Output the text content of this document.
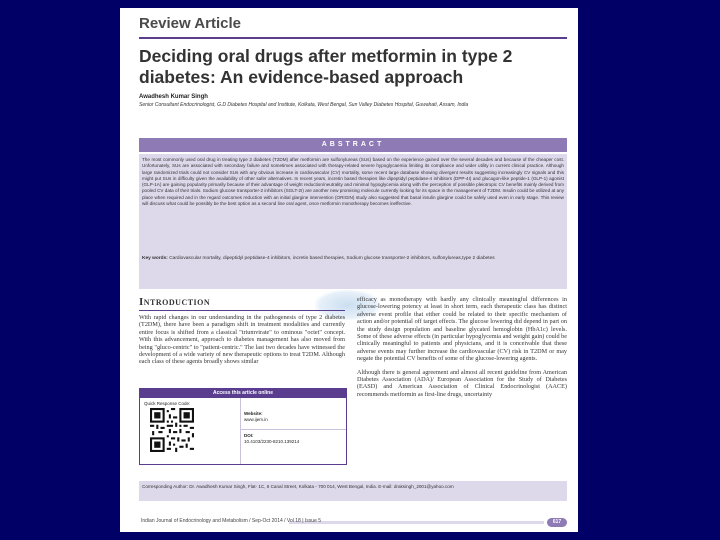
Review Article
Deciding oral drugs after metformin in type 2 diabetes: An evidence-based approach
Awadhesh Kumar Singh
Senior Consultant Endocrinologist, G.D Diabetes Hospital and Institute, Kolkata, West Bengal, Sun Valley Diabetes Hospital, Guwahati, Assam, India
ABSTRACT
The most commonly used oral drug in treating type 2 diabetes (T2DM) after metformin are sulfonylureas (SUs) based on the experience gained over the several decades and because of the cheaper cost. Unfortunately, SUs are associated with secondary failure and sometimes associated with therapy-related severe hypoglycaemia limiting its compliance and wider utility in current clinical practice. Although large randomized trials could not consider SUs with any obvious increase in cardiovascular (CV) mortality, some recent large database showing divergent results suggesting increasingly CV signals and this might put SUs in difficulty given the availability of other safer alternatives. In recent years, incretin based therapies like dipeptidyl peptidase-4 inhibitors (DPP-4I) and glucagon-like peptide-1 (GLP-1) agonist (GLP-1A) are gaining popularity primarily because of their advantage of weight reduction/neutrality and minimal hypoglycemia along with the perception of possible pleiotropic CV benefits mainly derived from pooled CV data of their trials. Sodium glucose transporter-2 inhibitors (SGLT-2I) are another new promising molecule currently looking for its space in the management of T2DM. Insulin could be utilized at any place when required and in the regard outcomes reduction with an initial glargine intervention (ORIGIN) study also suggested that basal insulin glargine could be safely used even in early stage. This review will discuss what could be possibly be the best option as a second line oral agent, once metformin monotherapy becomes ineffective.
Key words: Cardiovascular mortality, dipeptidyl peptidase-4 inhibitors, incretin based therapies, Sodium glucose transporter-2 inhibitors, sulfonylureas,type 2 diabetes
Introduction
With rapid changes in our understanding in the pathogenesis of type 2 diabetes (T2DM), there have been a paradigm shift in treatment modalities and currently entire focus is shifted from a classical "triumvirate" to ominous "octet" concept. With this advancement, approach to diabetes management has also moved from being "gluco-centric" to "patient-centric." The last two decades have witnessed the development of a wide variety of new therapeutic options to treat T2DM. Although each class of these agents broadly shows similar

efficacy as monotherapy with hardly any clinically meaningful differences in glucose-lowering potency at least in short term, each therapeutic class has distinct adverse event profile that either could be related to their specific mechanism of action and/or potential off target effects. The glucose lowering did depend in part on the study design population and baseline glycated hemoglobin (HbA1c) levels. Some of these adverse effects (in particular hypoglycemia and weight gain) could be clinically meaningful to patients and physicians, and it is conceivable that these adverse events may further increase the cardiovascular (CV) risk in T2DM or may negate the potential CV benefits of some of the glucose-lowering agents.

Although there is general agreement and almost all recent guideline from American Diabetes Association (ADA)/ European Association for the Study of Diabetes (EASD) and American Association of Clinical Endocrinologist (AACE) recommends metformin as first-line drugs, uncertainty

Access this article online
Quick Response Code:
Website:
www.ijem.in
DOI:
10.4103/2230-8210.139214
Corresponding Author: Dr. Awadhesh Kumar Singh, Flat- 1C, 6 Canal Street, Kolkata - 700 014, West Bengal, India. E-mail: draksingh_2001@yahoo.com
Indian Journal of Endocrinology and Metabolism / Sep-Oct 2014 / Vol 18 | Issue 5	617
